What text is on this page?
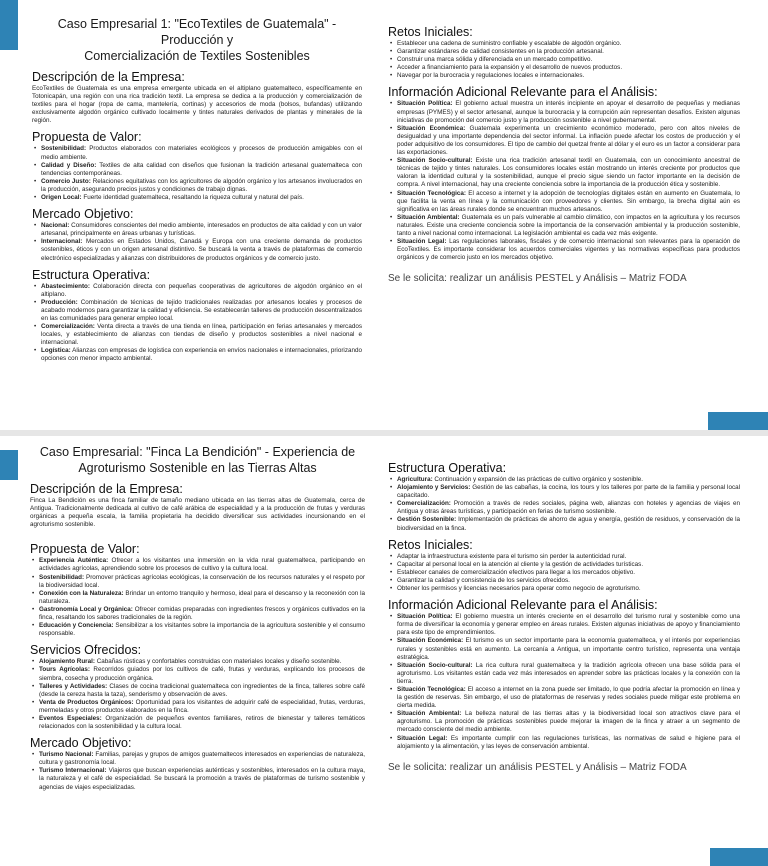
Caso Empresarial 1: "EcoTextiles de Guatemala" - Producción y
Comercialización de Textiles Sostenibles
Descripción de la Empresa:

EcoTextiles de Guatemala es una empresa emergente ubicada en el altiplano guatemalteco, específicamente en Totonicapán, una región con una rica tradición textil. La empresa se dedica a la producción y comercialización de textiles para el hogar (ropa de cama, mantelería, cortinas) y accesorios de moda (bolsos, bufandas) utilizando exclusivamente algodón orgánico cultivado localmente y tintes naturales derivados de plantas y minerales de la región.

Propuesta de Valor:
• Sostenibilidad: Productos elaborados con materiales ecológicos y procesos de producción amigables con el medio ambiente.
• Calidad y Diseño: Textiles de alta calidad con diseños que fusionan la tradición artesanal guatemalteca con tendencias contemporáneas.
• Comercio Justo: Relaciones equitativas con los agricultores de algodón orgánico y los artesanos involucrados en la producción, asegurando precios justos y condiciones de trabajo dignas.
• Origen Local: Fuerte identidad guatemalteca, resaltando la riqueza cultural y natural del país.
Mercado Objetivo:
• Nacional: Consumidores conscientes del medio ambiente, interesados en productos de alta calidad y con un valor artesanal, principalmente en áreas urbanas y turísticas.
• Internacional: Mercados en Estados Unidos, Canadá y Europa con una creciente demanda de productos sostenibles, éticos y con un origen artesanal distintivo. Se buscará la venta a través de plataformas de comercio electrónico especializadas y alianzas con distribuidores de productos orgánicos y de comercio justo.
Estructura Operativa:
• Abastecimiento: Colaboración directa con pequeñas cooperativas de agricultores de algodón orgánico en el altiplano.
• Producción: Combinación de técnicas de tejido tradicionales realizadas por artesanos locales y procesos de acabado modernos para garantizar la calidad y eficiencia. Se establecerán talleres de producción descentralizados en las comunidades para generar empleo local.
• Comercialización: Venta directa a través de una tienda en línea, participación en ferias artesanales y mercados locales, y establecimiento de alianzas con tiendas de diseño y productos sostenibles a nivel nacional e internacional.
• Logística: Alianzas con empresas de logística con experiencia en envíos nacionales e internacionales, priorizando opciones con menor impacto ambiental.
Retos Iniciales:
• Establecer una cadena de suministro confiable y escalable de algodón orgánico.
• Garantizar estándares de calidad consistentes en la producción artesanal.
• Construir una marca sólida y diferenciada en un mercado competitivo.
• Acceder a financiamiento para la expansión y el desarrollo de nuevos productos.
• Navegar por la burocracia y regulaciones locales e internacionales.
Información Adicional Relevante para el Análisis:
• Situación Política: El gobierno actual muestra un interés incipiente en apoyar el desarrollo de pequeñas y medianas empresas (PYMES) y el sector artesanal, aunque la burocracia y la corrupción aún representan desafíos. Existen algunas iniciativas de promoción del comercio justo y la producción sostenible a nivel gubernamental.
• Situación Económica: Guatemala experimenta un crecimiento económico moderado, pero con altos niveles de desigualdad y una importante dependencia del sector informal. La inflación puede afectar los costos de producción y el poder adquisitivo de los consumidores. El tipo de cambio del quetzal frente al dólar y el euro es un factor a considerar para las exportaciones.
• Situación Socio-cultural: Existe una rica tradición artesanal textil en Guatemala, con un conocimiento ancestral de técnicas de tejido y tintes naturales. Los consumidores locales están mostrando un interés creciente por productos que valoran la identidad cultural y la sostenibilidad, aunque el precio sigue siendo un factor importante en la decisión de compra. A nivel internacional, hay una creciente conciencia sobre la importancia de la producción ética y sostenible.
• Situación Tecnológica: El acceso a internet y la adopción de tecnologías digitales están en aumento en Guatemala, lo que facilita la venta en línea y la comunicación con proveedores y clientes. Sin embargo, la brecha digital aún es significativa en las áreas rurales donde se encuentran muchos artesanos.
• Situación Ambiental: Guatemala es un país vulnerable al cambio climático, con impactos en la agricultura y los recursos naturales. Existe una creciente conciencia sobre la importancia de la conservación ambiental y la producción sostenible, tanto a nivel nacional como internacional. La legislación ambiental es cada vez más exigente.
• Situación Legal: Las regulaciones laborales, fiscales y de comercio internacional son relevantes para la operación de EcoTextiles. Es importante considerar los acuerdos comerciales vigentes y las normativas específicas para productos orgánicos y de comercio justo en los mercados objetivo.
Se le solicita: realizar un análisis PESTEL y Análisis – Matriz FODA
Caso Empresarial: "Finca La Bendición" - Experiencia de
Agroturismo Sostenible en las Tierras Altas
Descripción de la Empresa:

Finca La Bendición es una finca familiar de tamaño mediano ubicada en las tierras altas de Guatemala, cerca de Antigua. Tradicionalmente dedicada al cultivo de café arábica de especialidad y a la producción de frutas y verduras orgánicas a pequeña escala, la familia propietaria ha decidido diversificar sus actividades incursionando en el agroturismo sostenible.

Propuesta de Valor:
• Experiencia Auténtica: Ofrecer a los visitantes una inmersión en la vida rural guatemalteca, participando en actividades agrícolas, aprendiendo sobre los procesos de cultivo y la cultura local.
• Sostenibilidad: Promover prácticas agrícolas ecológicas, la conservación de los recursos naturales y el respeto por la biodiversidad local.
• Conexión con la Naturaleza: Brindar un entorno tranquilo y hermoso, ideal para el descanso y la reconexión con la naturaleza.
• Gastronomía Local y Orgánica: Ofrecer comidas preparadas con ingredientes frescos y orgánicos cultivados en la finca, resaltando los sabores tradicionales de la región.
• Educación y Conciencia: Sensibilizar a los visitantes sobre la importancia de la agricultura sostenible y el consumo responsable.
Servicios Ofrecidos:
• Alojamiento Rural: Cabañas rústicas y confortables construidas con materiales locales y diseño sostenible.
• Tours Agrícolas: Recorridos guiados por los cultivos de café, frutas y verduras, explicando los procesos de siembra, cosecha y producción orgánica.
• Talleres y Actividades: Clases de cocina tradicional guatemalteca con ingredientes de la finca, talleres sobre café (desde la cereza hasta la taza), senderismo y observación de aves.
• Venta de Productos Orgánicos: Oportunidad para los visitantes de adquirir café de especialidad, frutas, verduras, mermeladas y otros productos elaborados en la finca.
• Eventos Especiales: Organización de pequeños eventos familiares, retiros de bienestar y talleres temáticos relacionados con la sostenibilidad y la cultura local.
Mercado Objetivo:
• Turismo Nacional: Familias, parejas y grupos de amigos guatemaltecos interesados en experiencias de naturaleza, cultura y gastronomía local.
• Turismo Internacional: Viajeros que buscan experiencias auténticas y sostenibles, interesados en la cultura maya, la naturaleza y el café de especialidad. Se buscará la promoción a través de plataformas de turismo sostenible y agencias de viajes especializadas.
Estructura Operativa:
• Agricultura: Continuación y expansión de las prácticas de cultivo orgánico y sostenible.
• Alojamiento y Servicios: Gestión de las cabañas, la cocina, los tours y los talleres por parte de la familia y personal local capacitado.
• Comercialización: Promoción a través de redes sociales, página web, alianzas con hoteles y agencias de viajes en Antigua y otras áreas turísticas, y participación en ferias de turismo sostenible.
• Gestión Sostenible: Implementación de prácticas de ahorro de agua y energía, gestión de residuos, y conservación de la biodiversidad en la finca.
Retos Iniciales:
• Adaptar la infraestructura existente para el turismo sin perder la autenticidad rural.
• Capacitar al personal local en la atención al cliente y la gestión de actividades turísticas.
• Establecer canales de comercialización efectivos para llegar a los mercados objetivo.
• Garantizar la calidad y consistencia de los servicios ofrecidos.
• Obtener los permisos y licencias necesarios para operar como negocio de agroturismo.
Información Adicional Relevante para el Análisis:
• Situación Política: El gobierno muestra un interés creciente en el desarrollo del turismo rural y sostenible como una forma de diversificar la economía y generar empleo en áreas rurales. Existen algunas iniciativas de apoyo y financiamiento para este tipo de emprendimientos.
• Situación Económica: El turismo es un sector importante para la economía guatemalteca, y el interés por experiencias rurales y sostenibles está en aumento. La cercanía a Antigua, un importante centro turístico, representa una ventaja estratégica.
• Situación Socio-cultural: La rica cultura rural guatemalteca y la tradición agrícola ofrecen una base sólida para el agroturismo. Los visitantes están cada vez más interesados en aprender sobre las prácticas locales y la conexión con la tierra.
• Situación Tecnológica: El acceso a internet en la zona puede ser limitado, lo que podría afectar la promoción en línea y la gestión de reservas. Sin embargo, el uso de plataformas de reservas y redes sociales puede mitigar este problema en cierta medida.
• Situación Ambiental: La belleza natural de las tierras altas y la biodiversidad local son atractivos clave para el agroturismo. La promoción de prácticas sostenibles puede mejorar la imagen de la finca y atraer a un segmento de mercado consciente del medio ambiente.
• Situación Legal: Es importante cumplir con las regulaciones turísticas, las normativas de salud e higiene para el alojamiento y la alimentación, y las leyes de conservación ambiental.
Se le solicita: realizar un análisis PESTEL y Análisis – Matriz FODA
